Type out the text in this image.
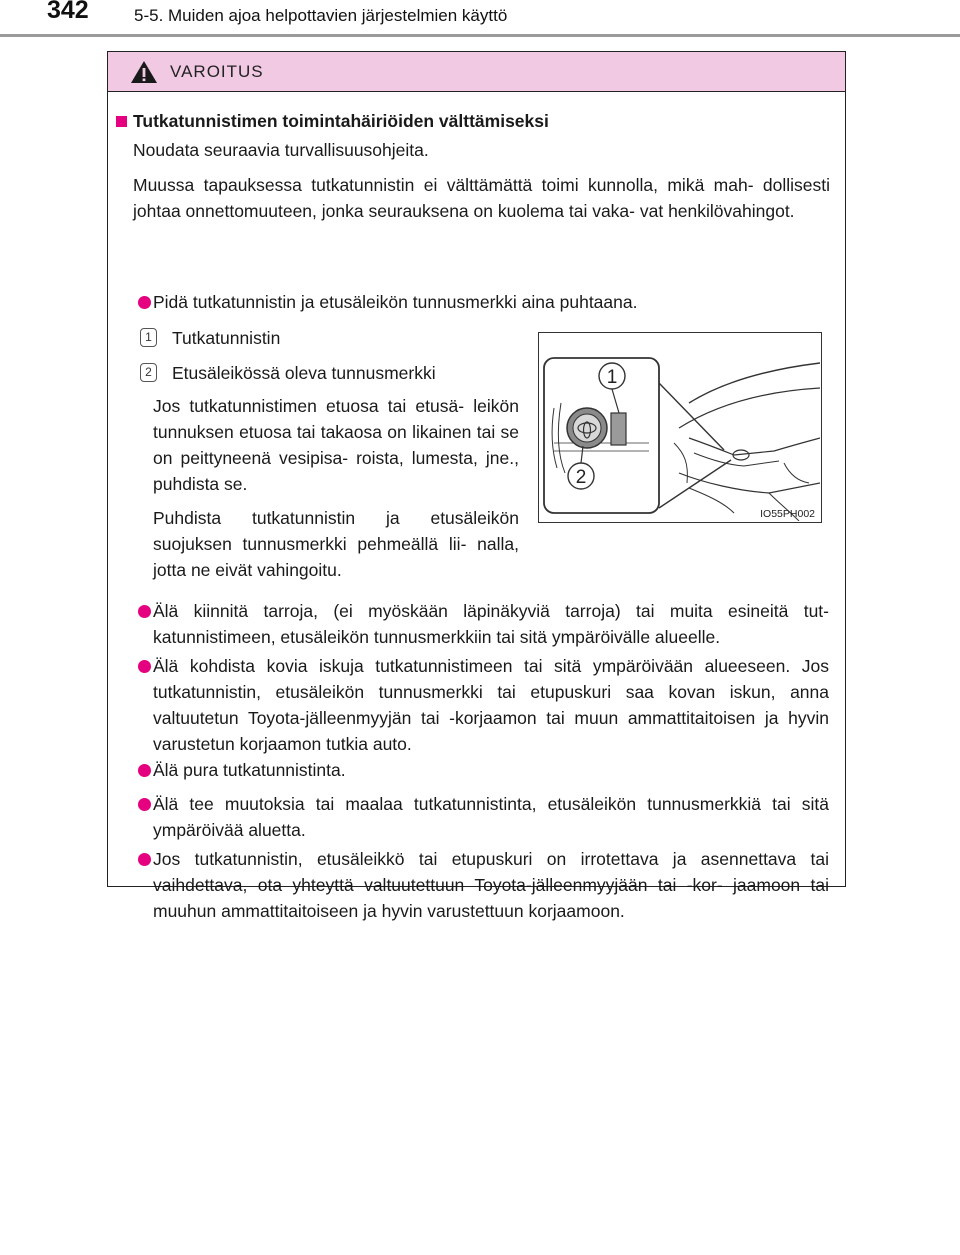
342	5-5. Muiden ajoa helpottavien järjestelmien käyttö
VAROITUS
Tutkatunnistimen toimintahäiriöiden välttämiseksi
Noudata seuraavia turvallisuusohjeita.
Muussa tapauksessa tutkatunnistin ei välttämättä toimi kunnolla, mikä mah- dollisesti johtaa onnettomuuteen, jonka seurauksena on kuolema tai vaka- vat henkilövahingot.
Pidä tutkatunnistin ja etusäleikön tunnusmerkki aina puhtaana.
1 Tutkatunnistin
2 Etusäleikössä oleva tunnusmerkki
Jos tutkatunnistimen etuosa tai etusä- leikön tunnuksen etuosa tai takaosa on likainen tai se on peittyneenä vesipisa- roista, lumesta, jne., puhdista se.
Puhdista tutkatunnistin ja etusäleikön suojuksen tunnusmerkki pehmeällä lii- nalla, jotta ne eivät vahingoitu.
1
2
IO55PH002
Älä kiinnitä tarroja, (ei myöskään läpinäkyviä tarroja) tai muita esineitä tut- katunnistimeen, etusäleikön tunnusmerkkiin tai sitä ympäröivälle alueelle.
Älä kohdista kovia iskuja tutkatunnistimeen tai sitä ympäröivään alueeseen. Jos tutkatunnistin, etusäleikön tunnusmerkki tai etupuskuri saa kovan iskun, anna valtuutetun Toyota-jälleenmyyjän tai -korjaamon tai muun ammattitaitoisen ja hyvin varustetun korjaamon tutkia auto.
Älä pura tutkatunnistinta.
Älä tee muutoksia tai maalaa tutkatunnistinta, etusäleikön tunnusmerkkiä tai sitä ympäröivää aluetta.
Jos tutkatunnistin, etusäleikkö tai etupuskuri on irrotettava ja asennettava tai vaihdettava, ota yhteyttä valtuutettuun Toyota-jälleenmyyjään tai -kor- jaamoon tai muuhun ammattitaitoiseen ja hyvin varustettuun korjaamoon.
